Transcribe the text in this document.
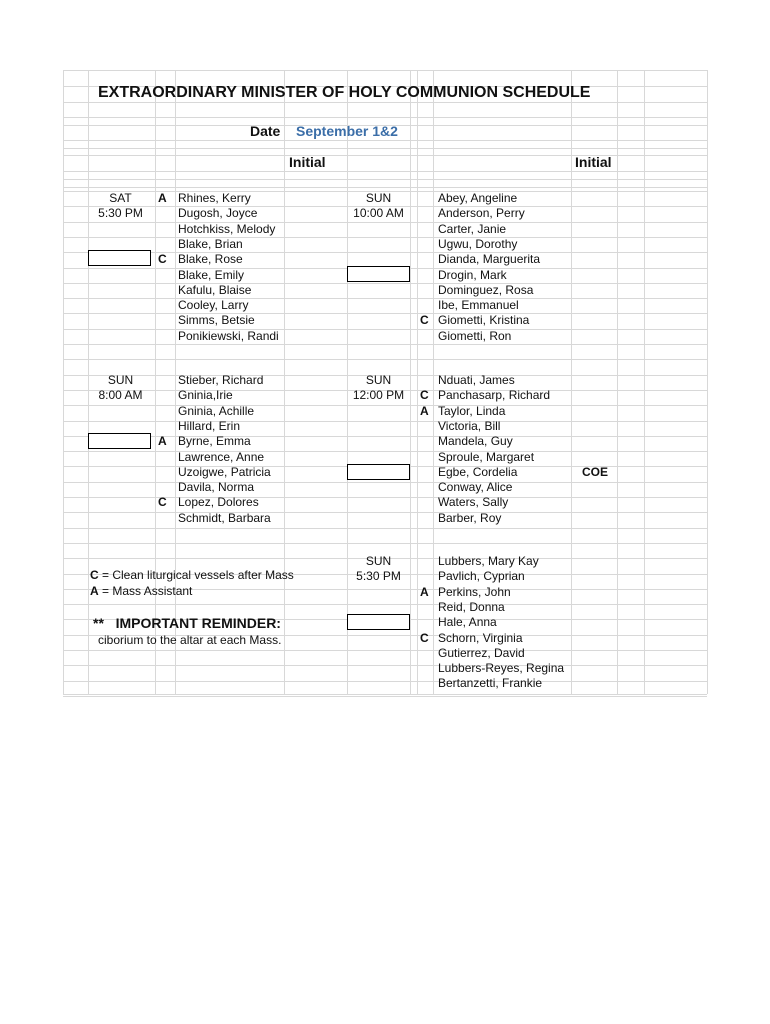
EXTRAORDINARY MINISTER OF HOLY COMMUNION SCHEDULE
Date September 1&2
Initial	Initial
C = Clean liturgical vessels after Mass
A = Mass Assistant
** IMPORTANT REMINDER:
ciborium to the altar at each Mass.
SAT
5:30 PM
Rhines, Kerry
A
Dugosh, Joyce
Hotchkiss, Melody
Blake, Brian
Blake, Rose
C
Blake, Emily
Kafulu, Blaise
Cooley, Larry
Simms, Betsie
Ponikiewski, Randi
SUN
10:00 AM
Abey, Angeline
Anderson, Perry
Carter, Janie
Ugwu, Dorothy
Dianda, Marguerita
Drogin, Mark
Dominguez, Rosa
Ibe, Emmanuel
Giometti, Kristina
C
Giometti, Ron
SUN
8:00 AM
Stieber, Richard
Gninia,Irie
Gninia, Achille
Hillard, Erin
Byrne, Emma
A
Lawrence, Anne
Uzoigwe, Patricia
Davila, Norma
Lopez, Dolores
C
Schmidt, Barbara
SUN
12:00 PM
Nduati, James
Panchasarp, Richard
C
Taylor, Linda
A
Victoria, Bill
Mandela, Guy
Sproule, Margaret
Egbe, Cordelia	COE
Conway, Alice
Waters, Sally
Barber, Roy
SUN
5:30 PM
Lubbers, Mary Kay
Pavlich, Cyprian
Perkins, John
A
Reid, Donna
Hale, Anna
Schorn, Virginia
C
Gutierrez, David
Lubbers-Reyes, Regina
Bertanzetti, Frankie
